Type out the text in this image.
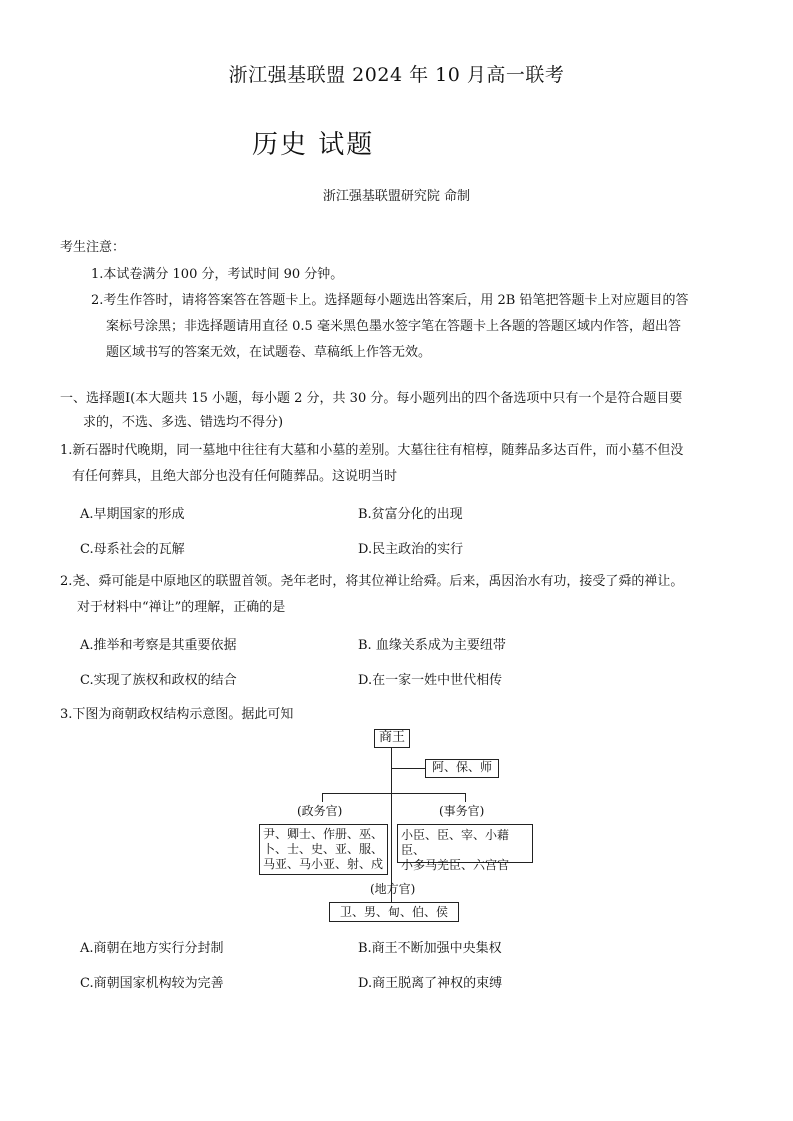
浙江强基联盟 2024 年 10 月高一联考
历史 试题
浙江强基联盟研究院 命制
考生注意：
1.本试卷满分 100 分，考试时间 90 分钟。
2.考生作答时，请将答案答在答题卡上。选择题每小题选出答案后，用 2B 铅笔把答题卡上对应题目的答
案标号涂黑；非选择题请用直径 0.5 毫米黑色墨水签字笔在答题卡上各题的答题区域内作答，超出答
题区域书写的答案无效，在试题卷、草稿纸上作答无效。
一、选择题Ⅰ(本大题共 15 小题，每小题 2 分，共 30 分。每小题列出的四个备选项中只有一个是符合题目要
求的，不选、多选、错选均不得分)
1.新石器时代晚期，同一墓地中往往有大墓和小墓的差别。大墓往往有棺椁，随葬品多达百件，而小墓不但没
有任何葬具，且绝大部分也没有任何随葬品。这说明当时
A.早期国家的形成	B.贫富分化的出现
C.母系社会的瓦解	D.民主政治的实行
2.尧、舜可能是中原地区的联盟首领。尧年老时，将其位禅让给舜。后来，禹因治水有功，接受了舜的禅让。
对于材料中“禅让”的理解，正确的是
A.推举和考察是其重要依据	B. 血缘关系成为主要纽带
C.实现了族权和政权的结合	D.在一家一姓中世代相传
3.下图为商朝政权结构示意图。据此可知
商王
阿、保、师
(政务官)
尹、卿士、作册、巫、
卜、士、史、亚、服、
马亚、马小亚、射、戍
(事务官)
小臣、臣、宰、小藉臣、
小多马羌臣、六宫官
(地方官)
卫、男、甸、伯、侯
A.商朝在地方实行分封制	B.商王不断加强中央集权
C.商朝国家机构较为完善	D.商王脱离了神权的束缚
